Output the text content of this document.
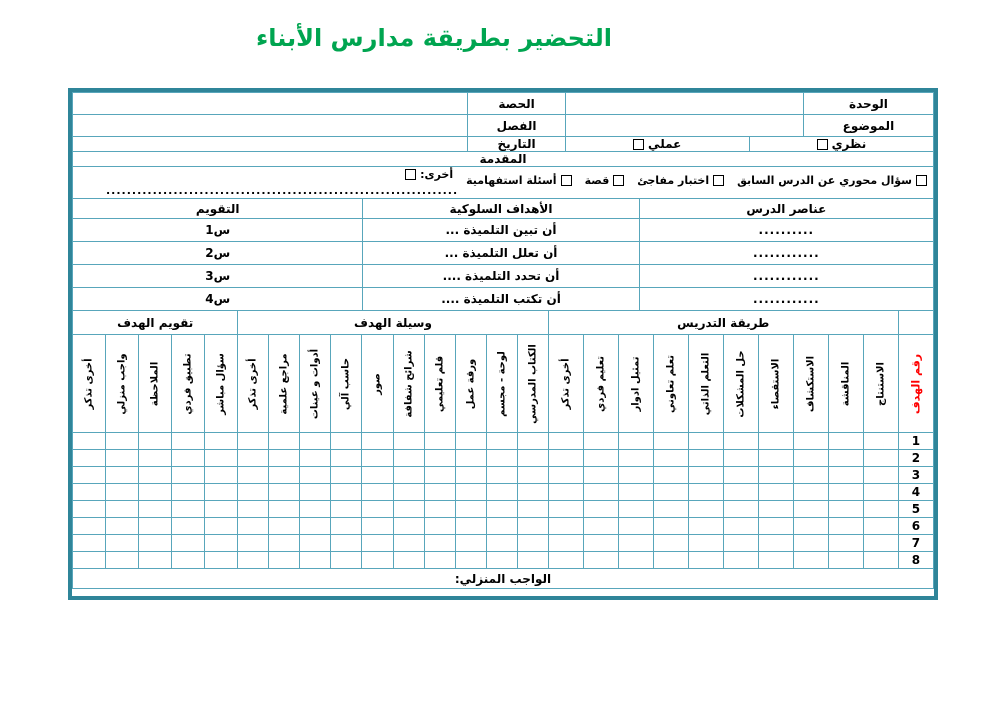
التحضير بطريقة مدارس الأبناء
الوحدة			الحصة	
الموضوع			الفصل	

نظري		عملي	التاريخ	
المقدمة				

سؤال محوري عن الدرس السابق
اختبار مفاجئ
قصة
أسئلة استفهامية
أخرى:
....................................................................
عناصر الدرس	الأهداف السلوكية	التقويم
..........	أن تبين التلميذة ...	س1
............	أن تعلل التلميذة ...	س2
............	أن تحدد التلميذة ....	س3
............	أن تكتب التلميذة ....	س4
	طريقة التدريس										وسيلة الهدف										تقويم الهدف				

رقم الهدف	الاستنتاج	المناقشة	الاستكشاف	الاستقصاء	حل المشكلات	التعلم الذاتي	تعلم تعاوني	تمثيل ادوار	تعليم فردي	أخرى تذكر	الكتاب المدرسي	لوحة - مجسم	ورقة عمل	قلم تعليمي	شرائح شفافة	صور	حاسب آلي	أدوات و عينات	مراجع علمية	أخرى تذكر	سؤال مباشر	تطبيق فردي	الملاحظة	واجب منزلي	أخرى تذكر

1																									
2																									
3																									
4																									
5																									
6																									
7																									
8																									
الواجب المنزلي:																									
